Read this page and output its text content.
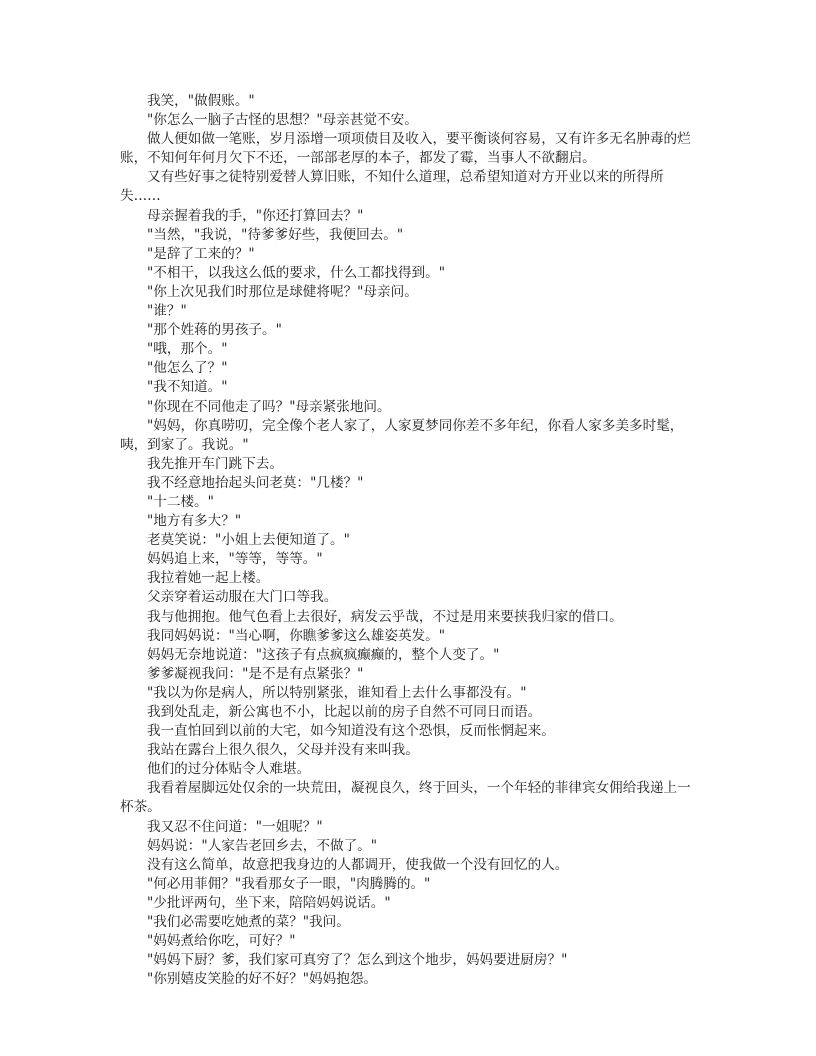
我笑，"做假账。"

"你怎么一脑子古怪的思想？"母亲甚觉不安。

做人便如做一笔账，岁月添增一项项债目及收入，要平衡谈何容易，又有许多无名肿毒的烂账，不知何年何月欠下不还，一部部老厚的本子，都发了霉，当事人不欲翻启。

又有些好事之徒特别爱替人算旧账，不知什么道理，总希望知道对方开业以来的所得所失……

母亲握着我的手，"你还打算回去？"

"当然，"我说，"待爹爹好些，我便回去。"

"是辞了工来的？"

"不相干，以我这么低的要求，什么工都找得到。"

"你上次见我们时那位是球健将呢？"母亲问。

"谁？"

"那个姓蒋的男孩子。"

"哦，那个。"

"他怎么了？"

"我不知道。"

"你现在不同他走了吗？"母亲紧张地问。

"妈妈，你真唠叨，完全像个老人家了，人家夏梦同你差不多年纪，你看人家多美多时髦，咦，到家了。我说。"

我先推开车门跳下去。

我不经意地抬起头问老莫："几楼？"

"十二楼。"

"地方有多大？"

老莫笑说："小姐上去便知道了。"

妈妈追上来，"等等，等等。"

我拉着她一起上楼。

父亲穿着运动服在大门口等我。

我与他拥抱。他气色看上去很好，病发云乎哉，不过是用来要挟我归家的借口。

我同妈妈说："当心啊，你瞧爹爹这么雄姿英发。"

妈妈无奈地说道："这孩子有点疯疯癫癫的，整个人变了。"

爹爹凝视我问："是不是有点紧张？"

"我以为你是病人，所以特别紧张，谁知看上去什么事都没有。"

我到处乱走，新公寓也不小，比起以前的房子自然不可同日而语。

我一直怕回到以前的大宅，如今知道没有这个恐惧，反而怅惘起来。

我站在露台上很久很久，父母并没有来叫我。

他们的过分体贴令人难堪。

我看着屋脚远处仅余的一块荒田，凝视良久，终于回头，一个年轻的菲律宾女佣给我递上一杯茶。

我又忍不住问道："一姐呢？"

妈妈说："人家告老回乡去，不做了。"

没有这么简单，故意把我身边的人都调开，使我做一个没有回忆的人。

"何必用菲佣？"我看那女子一眼，"肉腾腾的。"

"少批评两句，坐下来，陪陪妈妈说话。"

"我们必需要吃她煮的菜？"我问。

"妈妈煮给你吃，可好？"

"妈妈下厨？爹，我们家可真穷了？怎么到这个地步，妈妈要进厨房？"

"你别嬉皮笑脸的好不好？"妈妈抱怨。
